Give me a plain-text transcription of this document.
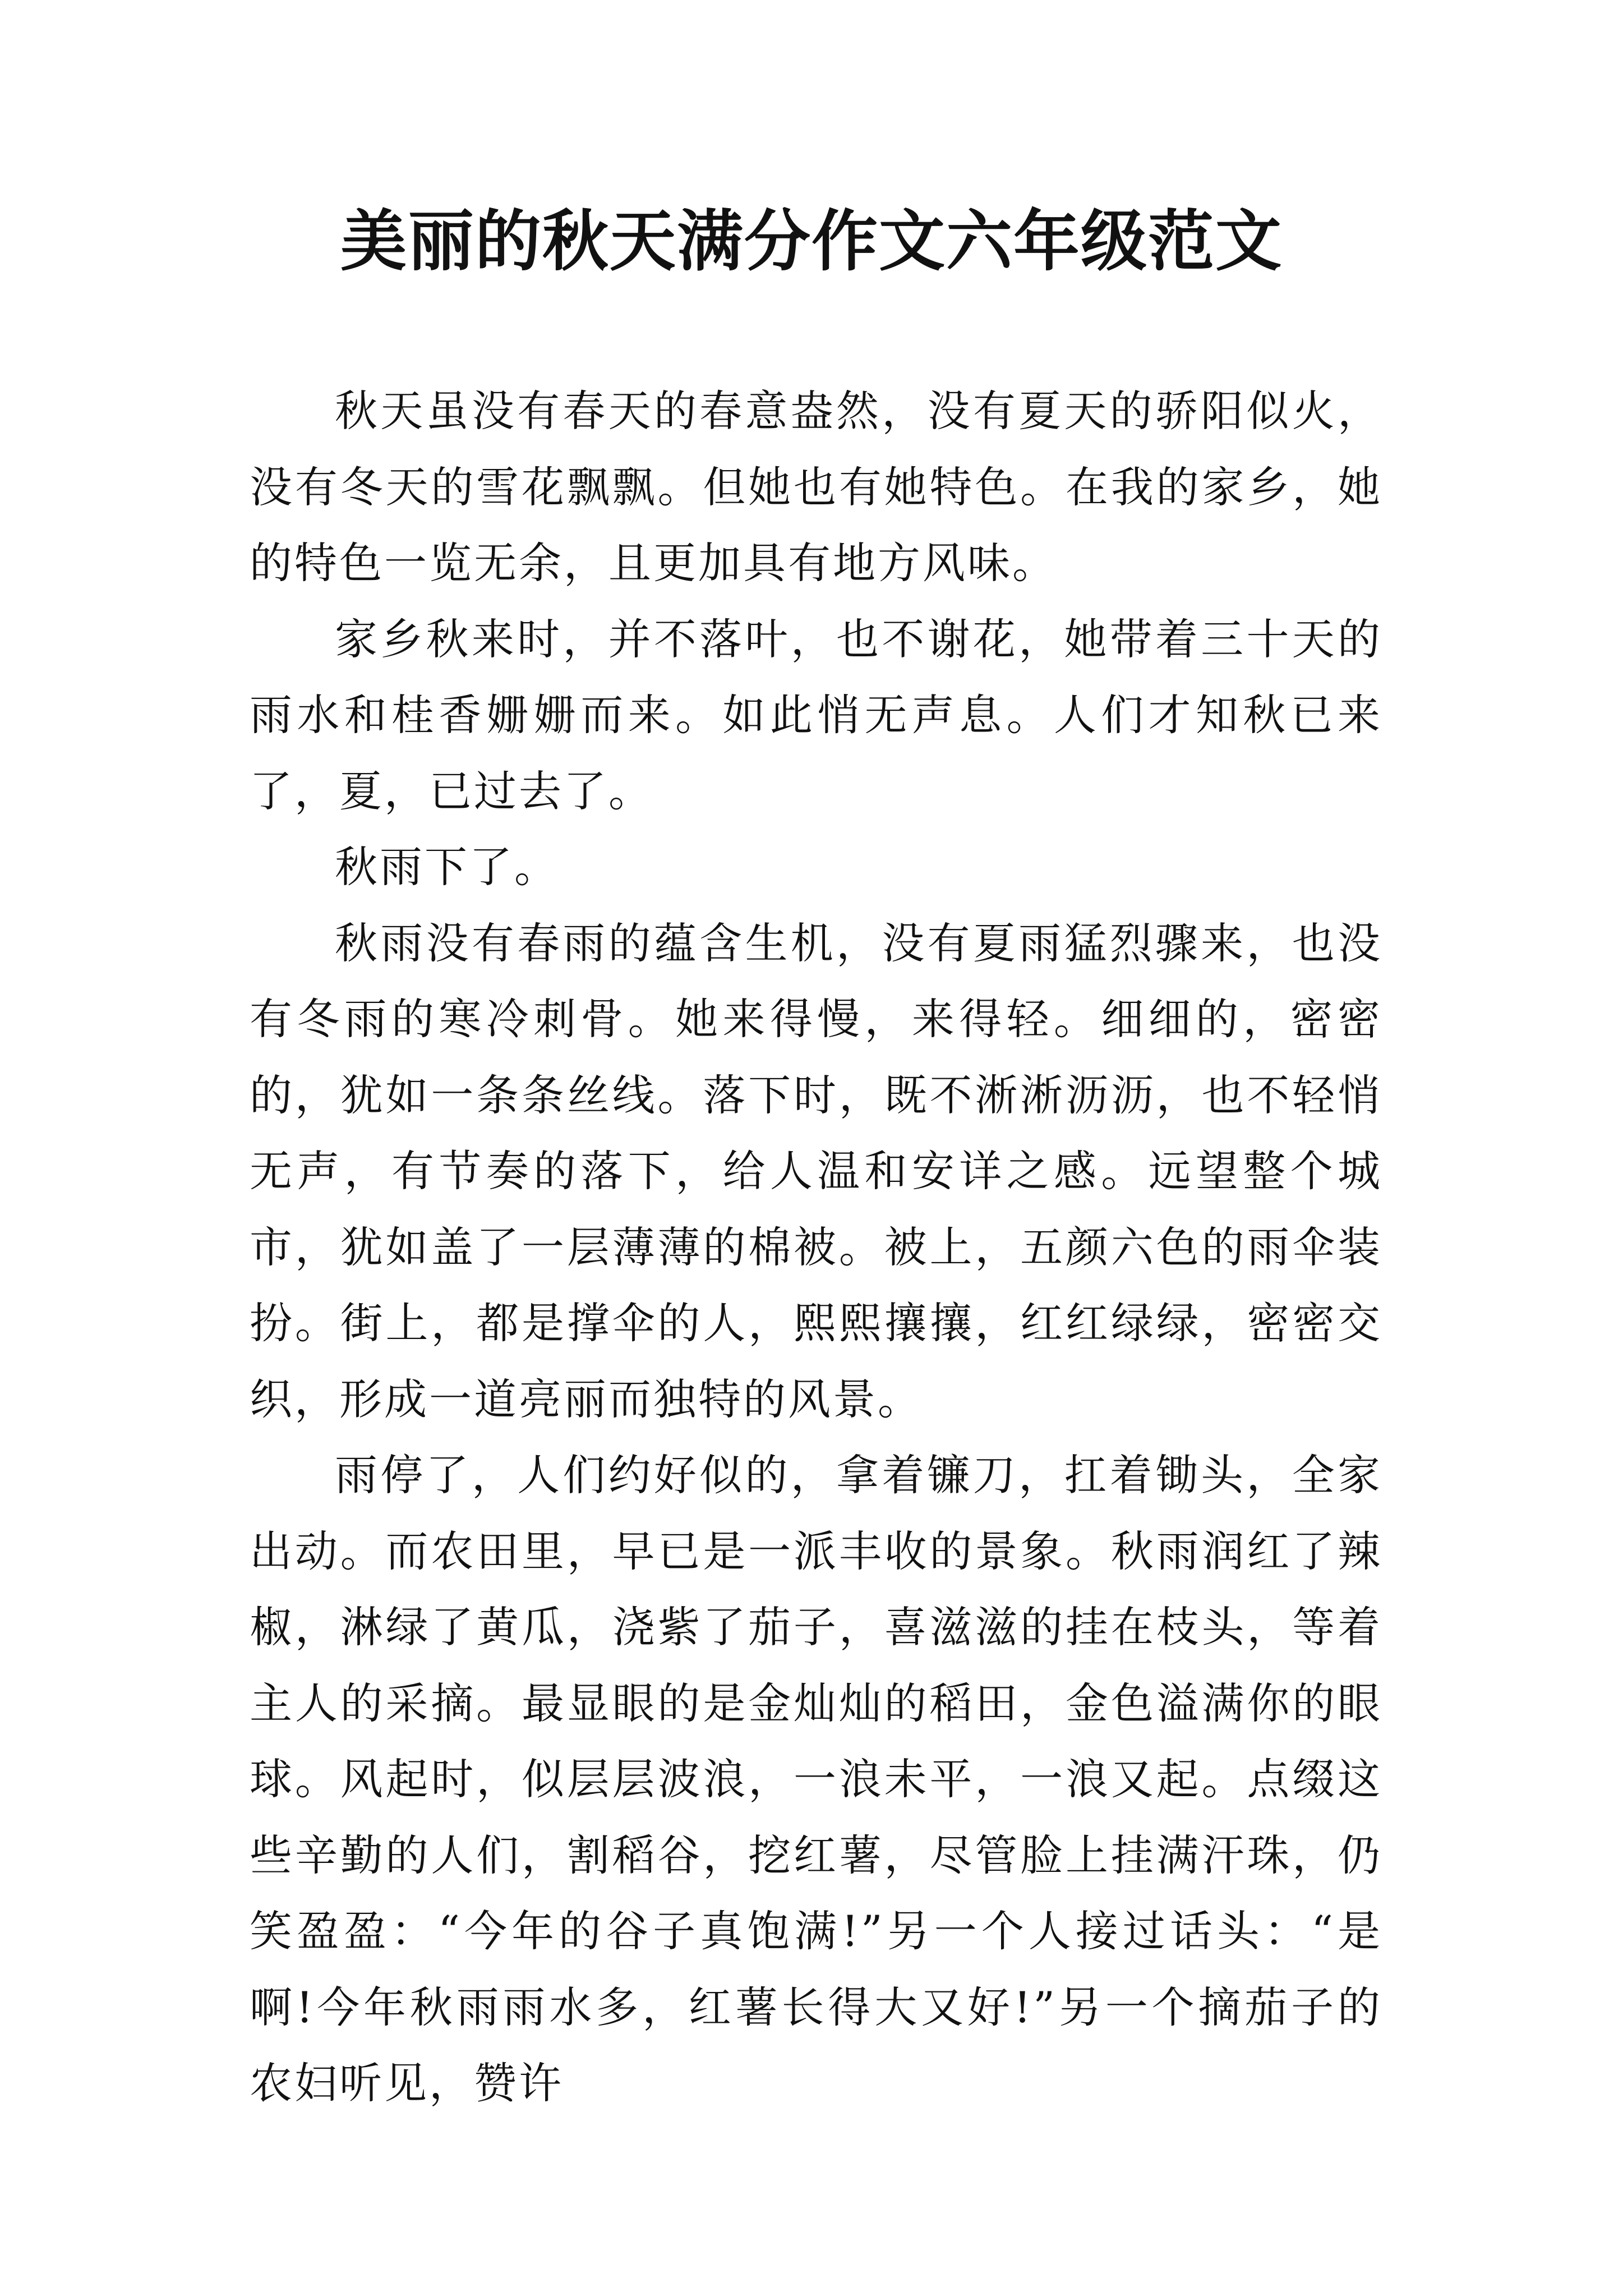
美丽的秋天满分作文六年级范文

秋天虽没有春天的春意盎然，没有夏天的骄阳似火，没有冬天的雪花飘飘。但她也有她特色。在我的家乡，她的特色一览无余，且更加具有地方风味。

家乡秋来时，并不落叶，也不谢花，她带着三十天的雨水和桂香姗姗而来。如此悄无声息。人们才知秋已来了，夏，已过去了。

秋雨下了。

秋雨没有春雨的蕴含生机，没有夏雨猛烈骤来，也没有冬雨的寒冷刺骨。她来得慢，来得轻。细细的，密密的，犹如一条条丝线。落下时，既不淅淅沥沥，也不轻悄无声，有节奏的落下，给人温和安详之感。远望整个城市，犹如盖了一层薄薄的棉被。被上，五颜六色的雨伞装扮。街上，都是撑伞的人，熙熙攘攘，红红绿绿，密密交织，形成一道亮丽而独特的风景。

雨停了，人们约好似的，拿着镰刀，扛着锄头，全家出动。而农田里，早已是一派丰收的景象。秋雨润红了辣椒，淋绿了黄瓜，浇紫了茄子，喜滋滋的挂在枝头，等着主人的采摘。最显眼的是金灿灿的稻田，金色溢满你的眼球。风起时，似层层波浪，一浪未平，一浪又起。点缀这些辛勤的人们，割稻谷，挖红薯，尽管脸上挂满汗珠，仍笑盈盈：“今年的谷子真饱满!”另一个人接过话头：“是啊!今年秋雨雨水多，红薯长得大又好!”另一个摘茄子的农妇听见，赞许
